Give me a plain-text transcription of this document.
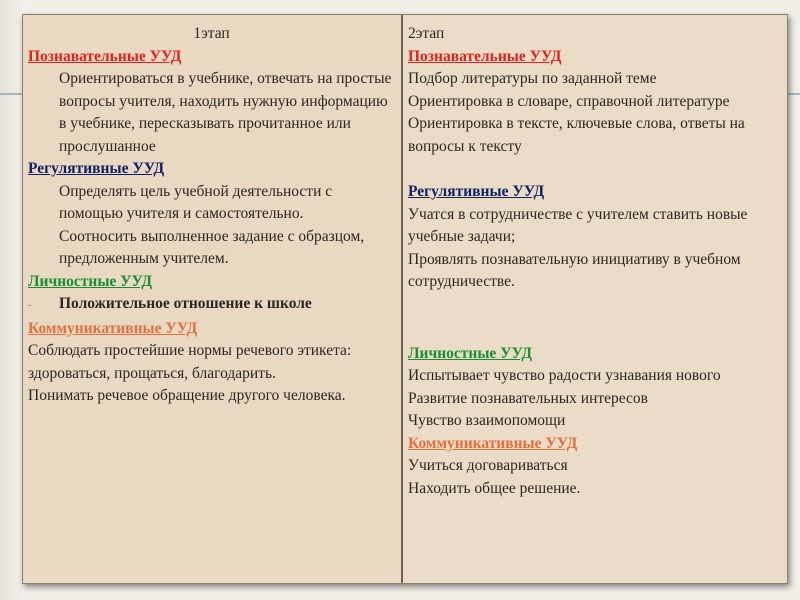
1этап
Познавательные УУД
Ориентироваться в учебнике, отвечать на простые вопросы учителя, находить нужную информацию в учебнике, пересказывать прочитанное или прослушанное
Регулятивные УУД
Определять цель учебной деятельности с помощью учителя и самостоятельно.
Соотносить выполненное задание с образцом, предложенным учителем.
Личностные УУД
-	Положительное отношение к школе
Коммуникативные УУД
Соблюдать простейшие нормы речевого этикета: здороваться, прощаться, благодарить.
Понимать речевое обращение другого человека.
2этап
Познавательные УУД
Подбор литературы по заданной теме
Ориентировка в словаре, справочной литературе
Ориентировка в тексте, ключевые слова, ответы на вопросы к тексту
Регулятивные УУД
Учатся в сотрудничестве с учителем ставить новые учебные задачи;
Проявлять познавательную инициативу в учебном сотрудничестве.
Личностные УУД
Испытывает чувство радости узнавания нового
Развитие познавательных интересов
Чувство взаимопомощи
Коммуникативные УУД
Учиться договариваться
Находить общее решение.
